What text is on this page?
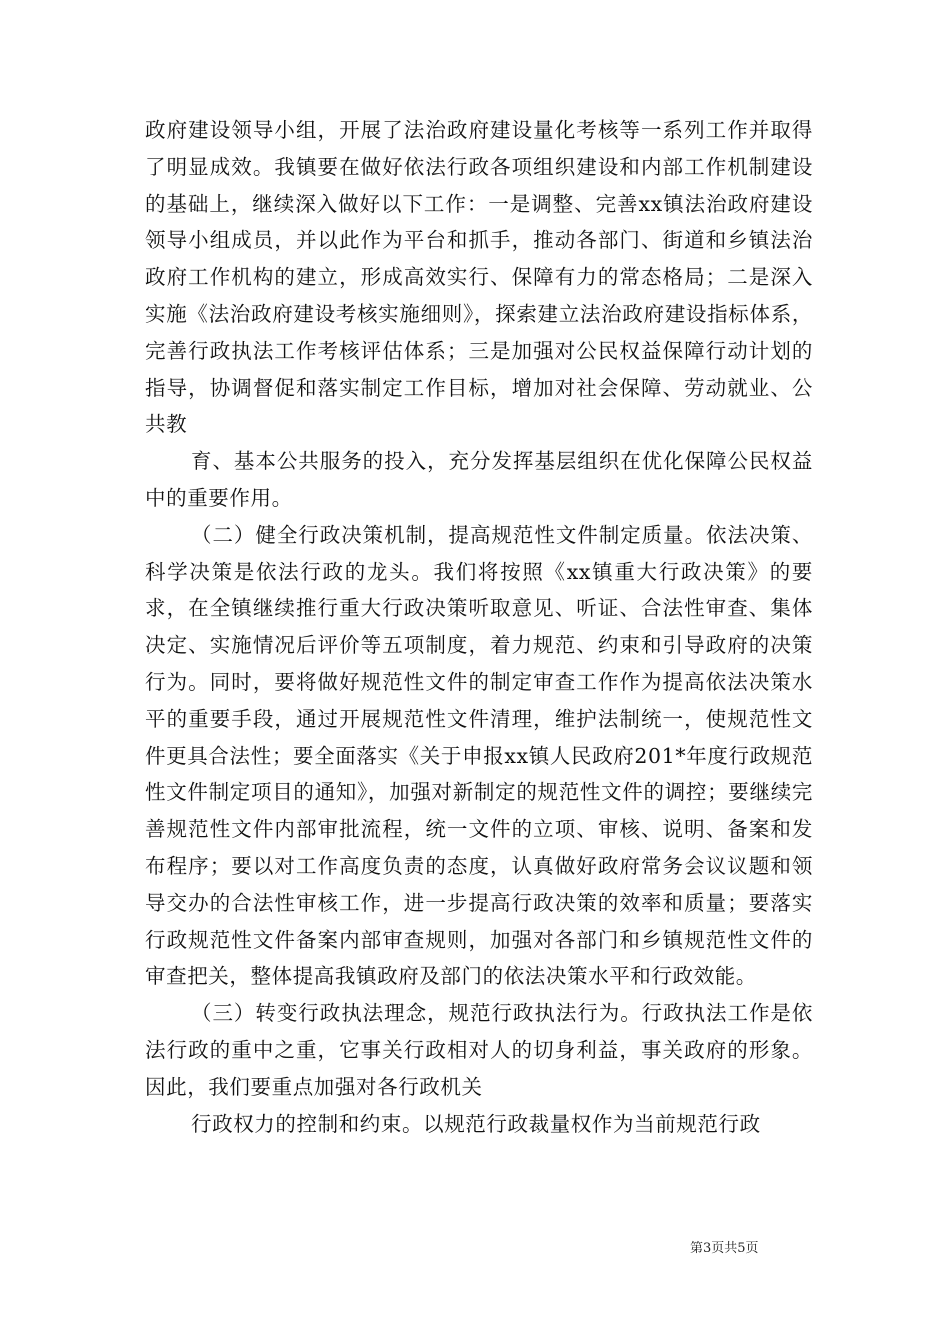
政府建设领导小组，开展了法治政府建设量化考核等一系列工作并取得了明显成效。我镇要在做好依法行政各项组织建设和内部工作机制建设的基础上，继续深入做好以下工作：一是调整、完善xx镇法治政府建设领导小组成员，并以此作为平台和抓手，推动各部门、街道和乡镇法治政府工作机构的建立，形成高效实行、保障有力的常态格局；二是深入实施《法治政府建设考核实施细则》，探索建立法治政府建设指标体系，完善行政执法工作考核评估体系；三是加强对公民权益保障行动计划的指导，协调督促和落实制定工作目标，增加对社会保障、劳动就业、公共教

育、基本公共服务的投入，充分发挥基层组织在优化保障公民权益中的重要作用。

（二）健全行政决策机制，提高规范性文件制定质量。依法决策、科学决策是依法行政的龙头。我们将按照《xx镇重大行政决策》的要求，在全镇继续推行重大行政决策听取意见、听证、合法性审查、集体决定、实施情况后评价等五项制度，着力规范、约束和引导政府的决策行为。同时，要将做好规范性文件的制定审查工作作为提高依法决策水平的重要手段，通过开展规范性文件清理，维护法制统一，使规范性文件更具合法性；要全面落实《关于申报xx镇人民政府201*年度行政规范性文件制定项目的通知》，加强对新制定的规范性文件的调控；要继续完善规范性文件内部审批流程，统一文件的立项、审核、说明、备案和发布程序；要以对工作高度负责的态度，认真做好政府常务会议议题和领导交办的合法性审核工作，进一步提高行政决策的效率和质量；要落实行政规范性文件备案内部审查规则，加强对各部门和乡镇规范性文件的审查把关，整体提高我镇政府及部门的依法决策水平和行政效能。

（三）转变行政执法理念，规范行政执法行为。行政执法工作是依法行政的重中之重，它事关行政相对人的切身利益，事关政府的形象。因此，我们要重点加强对各行政机关

行政权力的控制和约束。以规范行政裁量权作为当前规范行政

第3页共5页
